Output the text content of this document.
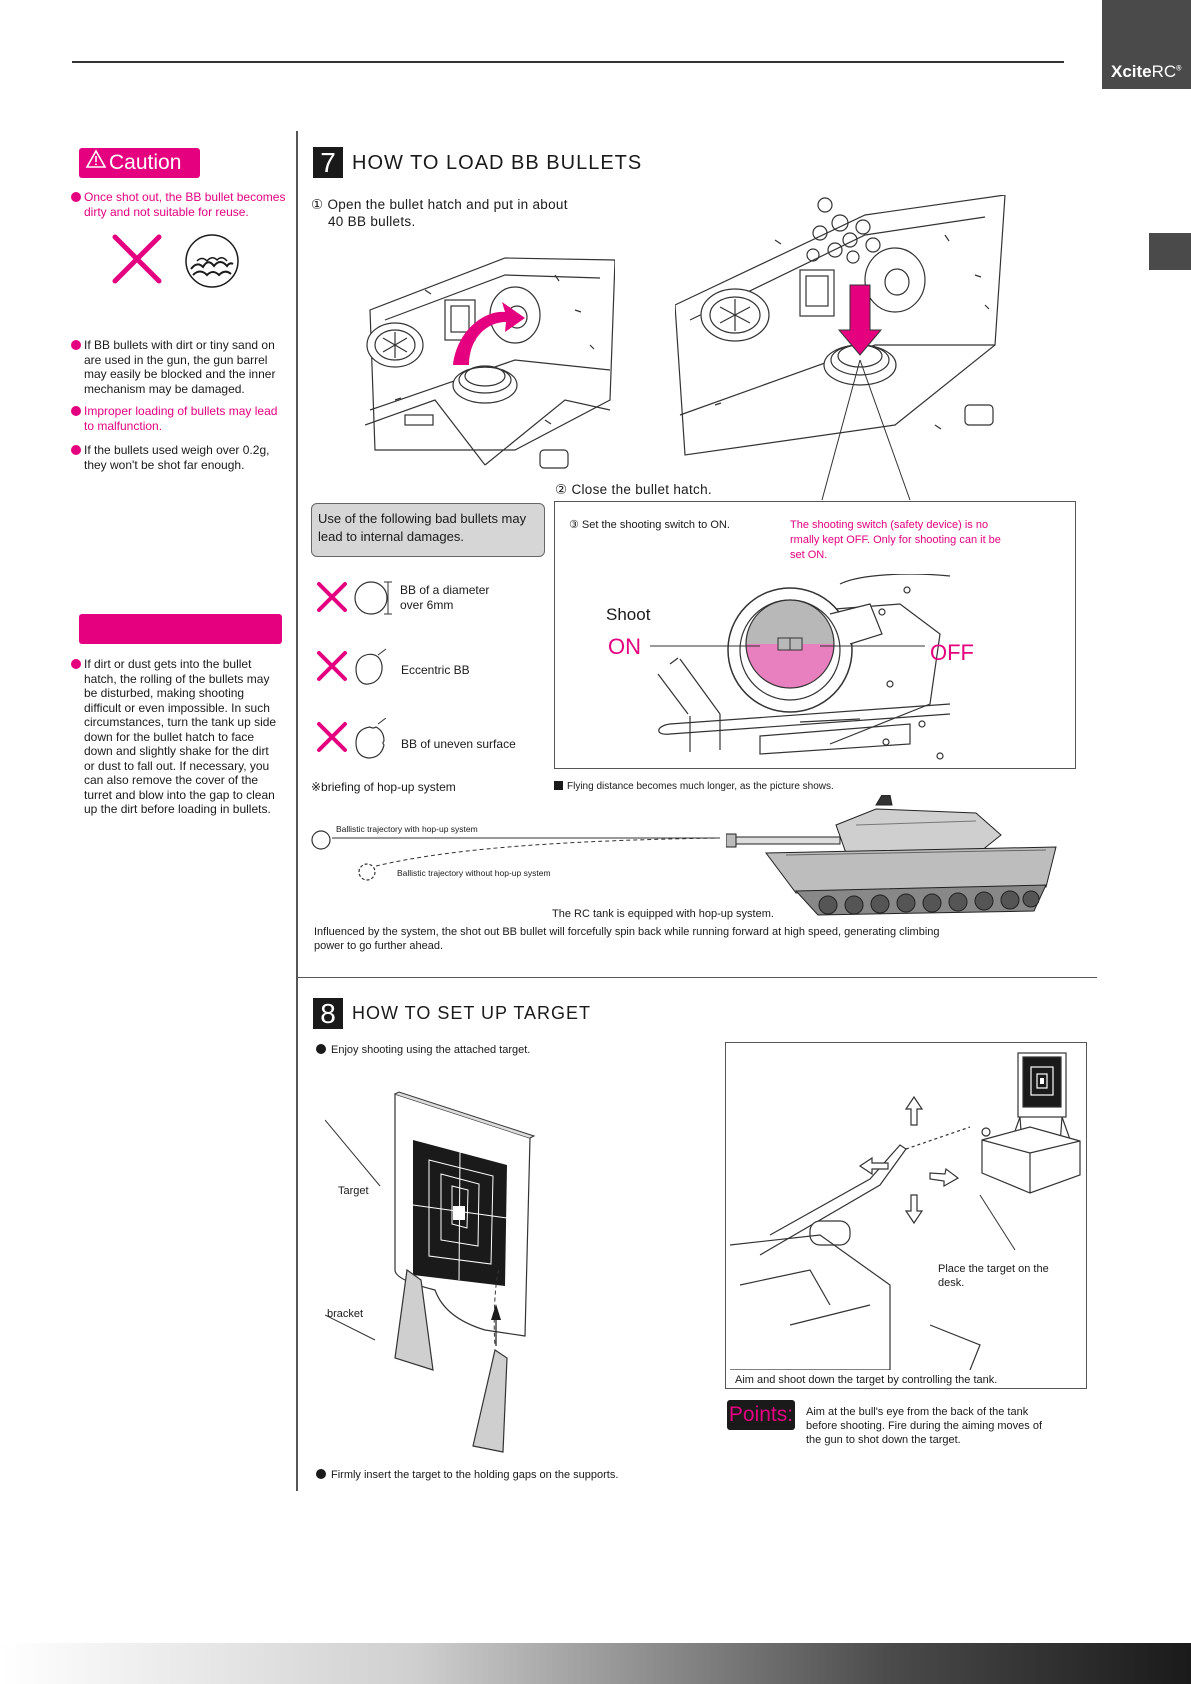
XciteRC®
Caution

Once shot out, the BB bullet becomes

dirty and not suitable for reuse.

If BB bullets with dirt or tiny sand on

are used in the gun, the gun barrel

may easily be blocked and the inner

mechanism may be damaged.

Improper loading of bullets may lead

to malfunction.

If the bullets used weigh over 0.2g,

they won't be shot far enough.

If dirt or dust gets into the bullet

hatch, the rolling of the bullets may

be disturbed, making shooting

difficult or even impossible. In such

circumstances, turn the tank up side

down for the bullet hatch to face

down and slightly shake for the dirt

or dust to fall out. If necessary, you

can also remove the cover of the

turret and blow into the gap to clean

up the dirt before loading in bullets.

7 HOW TO LOAD BB BULLETS
① Open the bullet hatch and put in about
40 BB bullets.
② Close the bullet hatch.
Use of the following bad bullets may
lead to internal damages.
BB of a diameter
over 6mm
Eccentric BB
BB of uneven surface
③ Set the shooting switch to ON.	The shooting switch (safety device) is no
rmally kept OFF. Only for shooting can it be
set ON.
Shoot
ON	OFF
※briefing of hop-up system	Flying distance becomes much longer, as the picture shows.
Ballistic trajectory with hop-up system
Ballistic trajectory without hop-up system
The RC tank is equipped with hop-up system.
Influenced by the system, the shot out BB bullet will forcefully spin back while running forward at high speed, generating climbing
power to go further ahead.
8 HOW TO SET UP TARGET
Enjoy shooting using the attached target.
Target
bracket
Firmly insert the target to the holding gaps on the supports.
Place the target on the
desk.
Aim and shoot down the target by controlling the tank.
Points: Aim at the bull's eye from the back of the tank
before shooting. Fire during the aiming moves of
the gun to shot down the target.
